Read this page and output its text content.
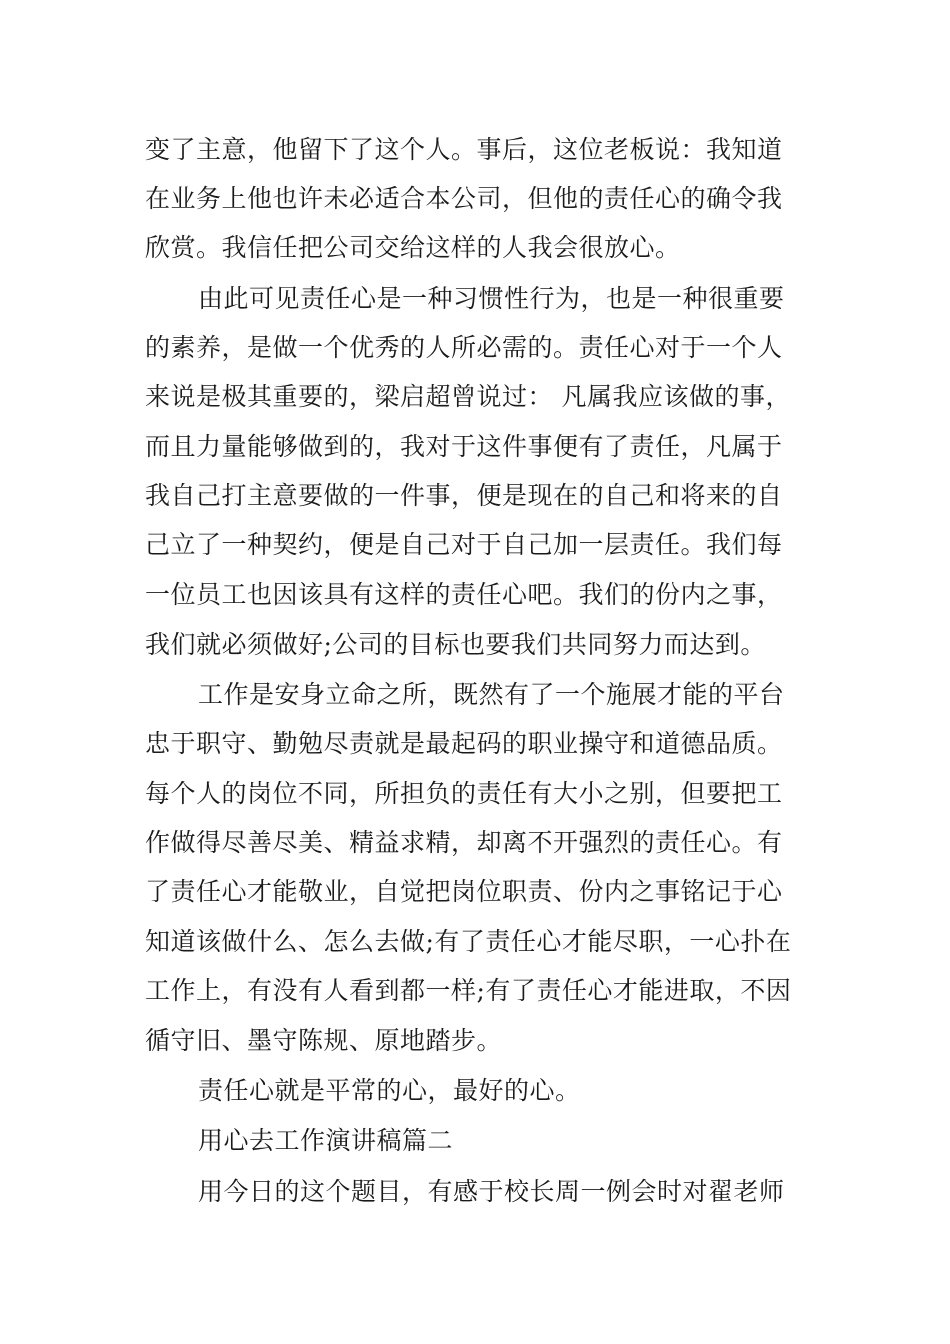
变了主意，他留下了这个人。事后，这位老板说：我知道
在业务上他也许未必适合本公司，但他的责任心的确令我
欣赏。我信任把公司交给这样的人我会很放心。
由此可见责任心是一种习惯性行为，也是一种很重要
的素养，是做一个优秀的人所必需的。责任心对于一个人
来说是极其重要的，梁启超曾说过： 凡属我应该做的事，
而且力量能够做到的，我对于这件事便有了责任，凡属于
我自己打主意要做的一件事，便是现在的自己和将来的自
己立了一种契约，便是自己对于自己加一层责任。我们每
一位员工也因该具有这样的责任心吧。我们的份内之事，
我们就必须做好;公司的目标也要我们共同努力而达到。
工作是安身立命之所，既然有了一个施展才能的平台
忠于职守、勤勉尽责就是最起码的职业操守和道德品质。
每个人的岗位不同，所担负的责任有大小之别，但要把工
作做得尽善尽美、精益求精，却离不开强烈的责任心。有
了责任心才能敬业，自觉把岗位职责、份内之事铭记于心
知道该做什么、怎么去做;有了责任心才能尽职，一心扑在
工作上，有没有人看到都一样;有了责任心才能进取，不因
循守旧、墨守陈规、原地踏步。
责任心就是平常的心，最好的心。
用心去工作演讲稿篇二
用今日的这个题目，有感于校长周一例会时对翟老师
